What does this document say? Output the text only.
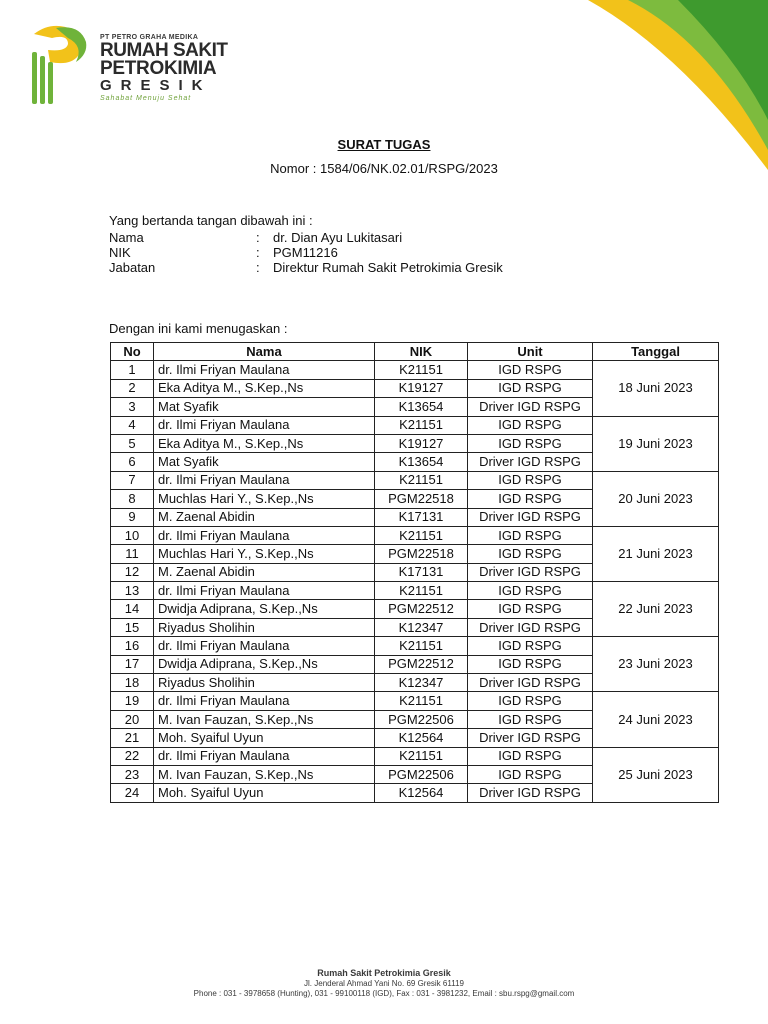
PT PETRO GRAHA MEDIKA
RUMAH SAKIT
PETROKIMIA
GRESIK
Sahabat Menuju Sehat
SURAT TUGAS
Nomor : 1584/06/NK.02.01/RSPG/2023
Yang bertanda tangan dibawah ini :
Nama	:	dr. Dian Ayu Lukitasari
NIK	:	PGM11216
Jabatan	:	Direktur Rumah Sakit Petrokimia Gresik
Dengan ini kami menugaskan :
No	Nama	NIK	Unit	Tanggal
1	dr. Ilmi Friyan Maulana	K21151	IGD RSPG	18 Juni 2023
2	Eka Aditya M., S.Kep.,Ns	K19127	IGD RSPG	
3	Mat Syafik	K13654	Driver IGD RSPG	
4	dr. Ilmi Friyan Maulana	K21151	IGD RSPG	19 Juni 2023
5	Eka Aditya M., S.Kep.,Ns	K19127	IGD RSPG	
6	Mat Syafik	K13654	Driver IGD RSPG	
7	dr. Ilmi Friyan Maulana	K21151	IGD RSPG	20 Juni 2023
8	Muchlas Hari Y., S.Kep.,Ns	PGM22518	IGD RSPG	
9	M. Zaenal Abidin	K17131	Driver IGD RSPG	
10	dr. Ilmi Friyan Maulana	K21151	IGD RSPG	21 Juni 2023
11	Muchlas Hari Y., S.Kep.,Ns	PGM22518	IGD RSPG	
12	M. Zaenal Abidin	K17131	Driver IGD RSPG	
13	dr. Ilmi Friyan Maulana	K21151	IGD RSPG	22 Juni 2023
14	Dwidja Adiprana, S.Kep.,Ns	PGM22512	IGD RSPG	
15	Riyadus Sholihin	K12347	Driver IGD RSPG	
16	dr. Ilmi Friyan Maulana	K21151	IGD RSPG	23 Juni 2023
17	Dwidja Adiprana, S.Kep.,Ns	PGM22512	IGD RSPG	
18	Riyadus Sholihin	K12347	Driver IGD RSPG	
19	dr. Ilmi Friyan Maulana	K21151	IGD RSPG	24 Juni 2023
20	M. Ivan Fauzan, S.Kep.,Ns	PGM22506	IGD RSPG	
21	Moh. Syaiful Uyun	K12564	Driver IGD RSPG	
22	dr. Ilmi Friyan Maulana	K21151	IGD RSPG	25 Juni 2023
23	M. Ivan Fauzan, S.Kep.,Ns	PGM22506	IGD RSPG	
24	Moh. Syaiful Uyun	K12564	Driver IGD RSPG	
Rumah Sakit Petrokimia Gresik
Jl. Jenderal Ahmad Yani No. 69 Gresik 61119
Phone : 031 - 3978658 (Hunting), 031 - 99100118 (IGD), Fax : 031 - 3981232, Email : sbu.rspg@gmail.com
